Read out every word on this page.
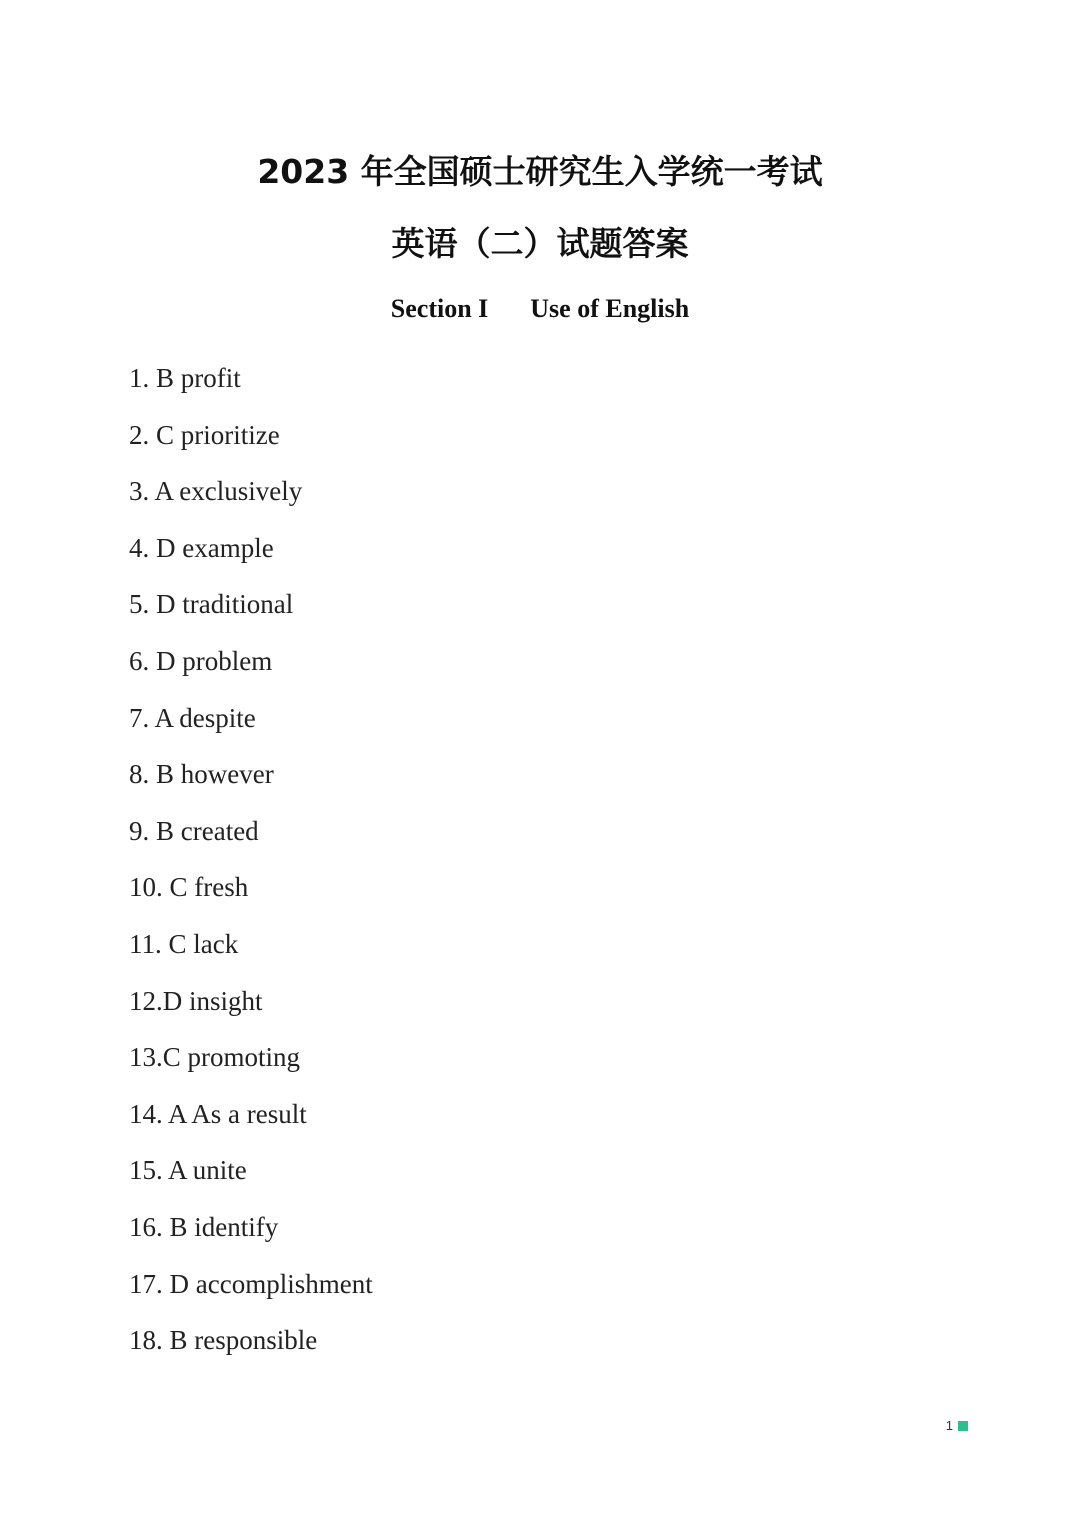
2023 年全国硕士研究生入学统一考试
英语（二）试题答案
Section I Use of English
1. B profit
2. C prioritize
3. A exclusively
4. D example
5. D traditional
6. D problem
7. A despite
8. B however
9. B created
10. C fresh
11. C lack
12.D insight
13.C promoting
14. A As a result
15. A unite
16. B identify
17. D accomplishment
18. B responsible
1
